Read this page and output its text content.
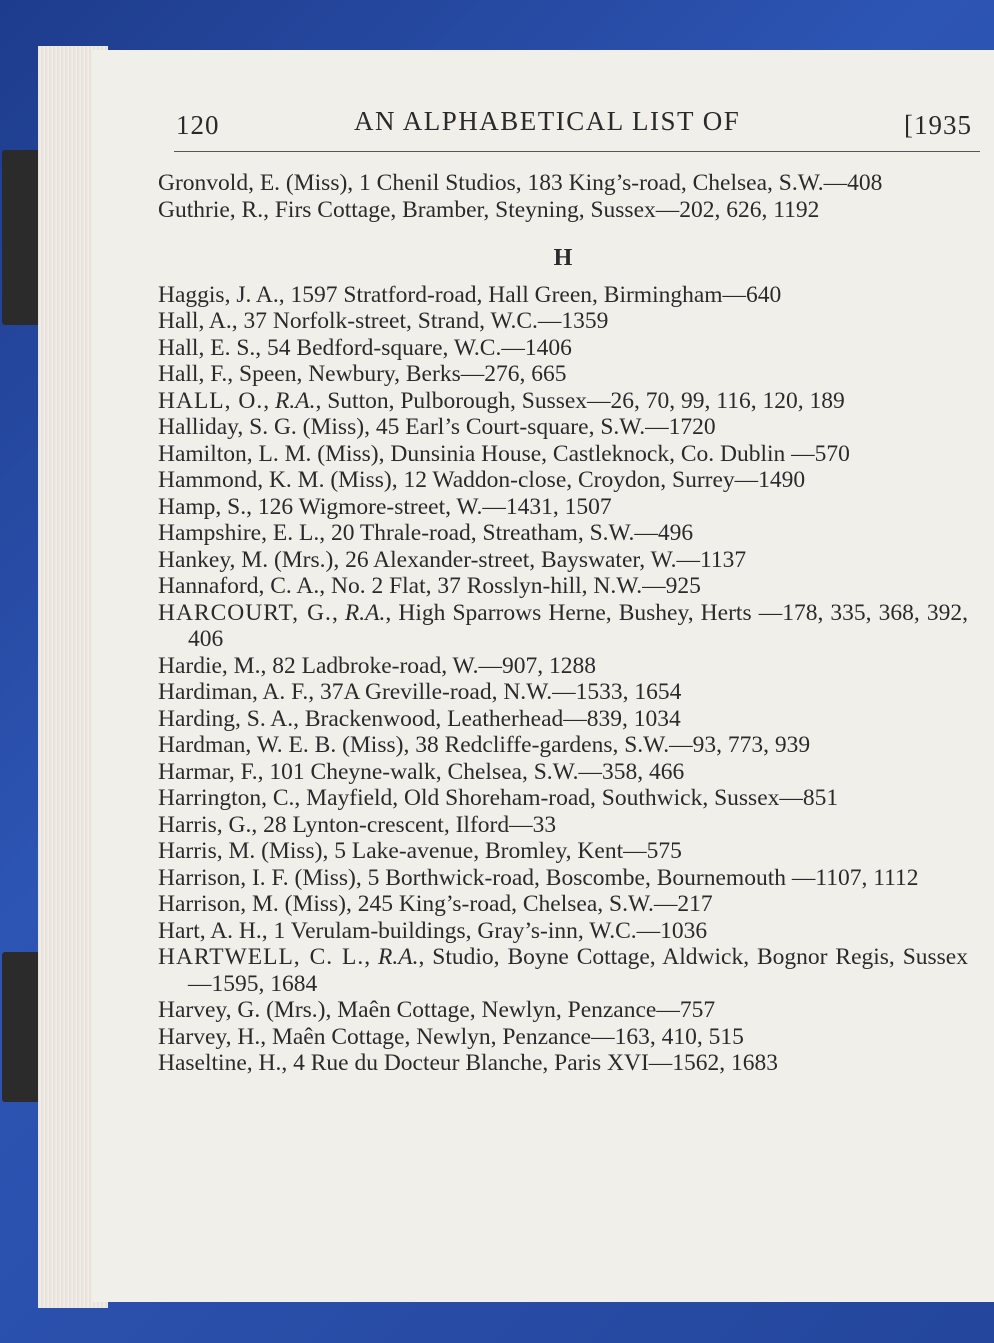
120	AN ALPHABETICAL LIST OF	[1935

Gronvold, E. (Miss), 1 Chenil Studios, 183 King’s-road, Chelsea, S.W.—408

Guthrie, R., Firs Cottage, Bramber, Steyning, Sussex—202, 626, 1192

H

Haggis, J. A., 1597 Stratford-road, Hall Green, Birmingham—640

Hall, A., 37 Norfolk-street, Strand, W.C.—1359

Hall, E. S., 54 Bedford-square, W.C.—1406

Hall, F., Speen, Newbury, Berks—276, 665

HALL, O., R.A., Sutton, Pulborough, Sussex—26, 70, 99, 116, 120, 189

Halliday, S. G. (Miss), 45 Earl’s Court-square, S.W.—1720

Hamilton, L. M. (Miss), Dunsinia House, Castleknock, Co. Dublin —570

Hammond, K. M. (Miss), 12 Waddon-close, Croydon, Surrey—1490

Hamp, S., 126 Wigmore-street, W.—1431, 1507

Hampshire, E. L., 20 Thrale-road, Streatham, S.W.—496

Hankey, M. (Mrs.), 26 Alexander-street, Bayswater, W.—1137

Hannaford, C. A., No. 2 Flat, 37 Rosslyn-hill, N.W.—925

HARCOURT, G., R.A., High Sparrows Herne, Bushey, Herts —178, 335, 368, 392, 406

Hardie, M., 82 Ladbroke-road, W.—907, 1288

Hardiman, A. F., 37A Greville-road, N.W.—1533, 1654

Harding, S. A., Brackenwood, Leatherhead—839, 1034

Hardman, W. E. B. (Miss), 38 Redcliffe-gardens, S.W.—93, 773, 939

Harmar, F., 101 Cheyne-walk, Chelsea, S.W.—358, 466

Harrington, C., Mayfield, Old Shoreham-road, Southwick, Sussex—851

Harris, G., 28 Lynton-crescent, Ilford—33

Harris, M. (Miss), 5 Lake-avenue, Bromley, Kent—575

Harrison, I. F. (Miss), 5 Borthwick-road, Boscombe, Bournemouth —1107, 1112

Harrison, M. (Miss), 245 King’s-road, Chelsea, S.W.—217

Hart, A. H., 1 Verulam-buildings, Gray’s-inn, W.C.—1036

HARTWELL, C. L., R.A., Studio, Boyne Cottage, Aldwick, Bognor Regis, Sussex—1595, 1684

Harvey, G. (Mrs.), Maên Cottage, Newlyn, Penzance—757

Harvey, H., Maên Cottage, Newlyn, Penzance—163, 410, 515

Haseltine, H., 4 Rue du Docteur Blanche, Paris XVI—1562, 1683
